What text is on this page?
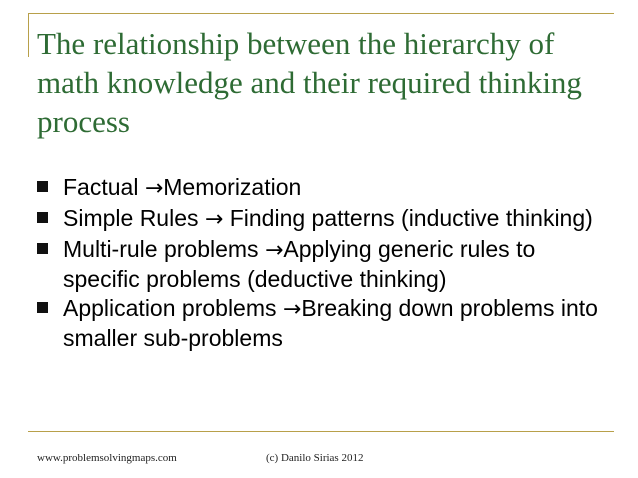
The relationship between the hierarchy of math knowledge and their required thinking process
Factual →Memorization
Simple Rules → Finding patterns (inductive thinking)
Multi-rule problems →Applying generic rules to specific problems (deductive thinking)
Application problems →Breaking down problems into smaller sub-problems
www.problemsolvingmaps.com	(c) Danilo Sirias 2012
